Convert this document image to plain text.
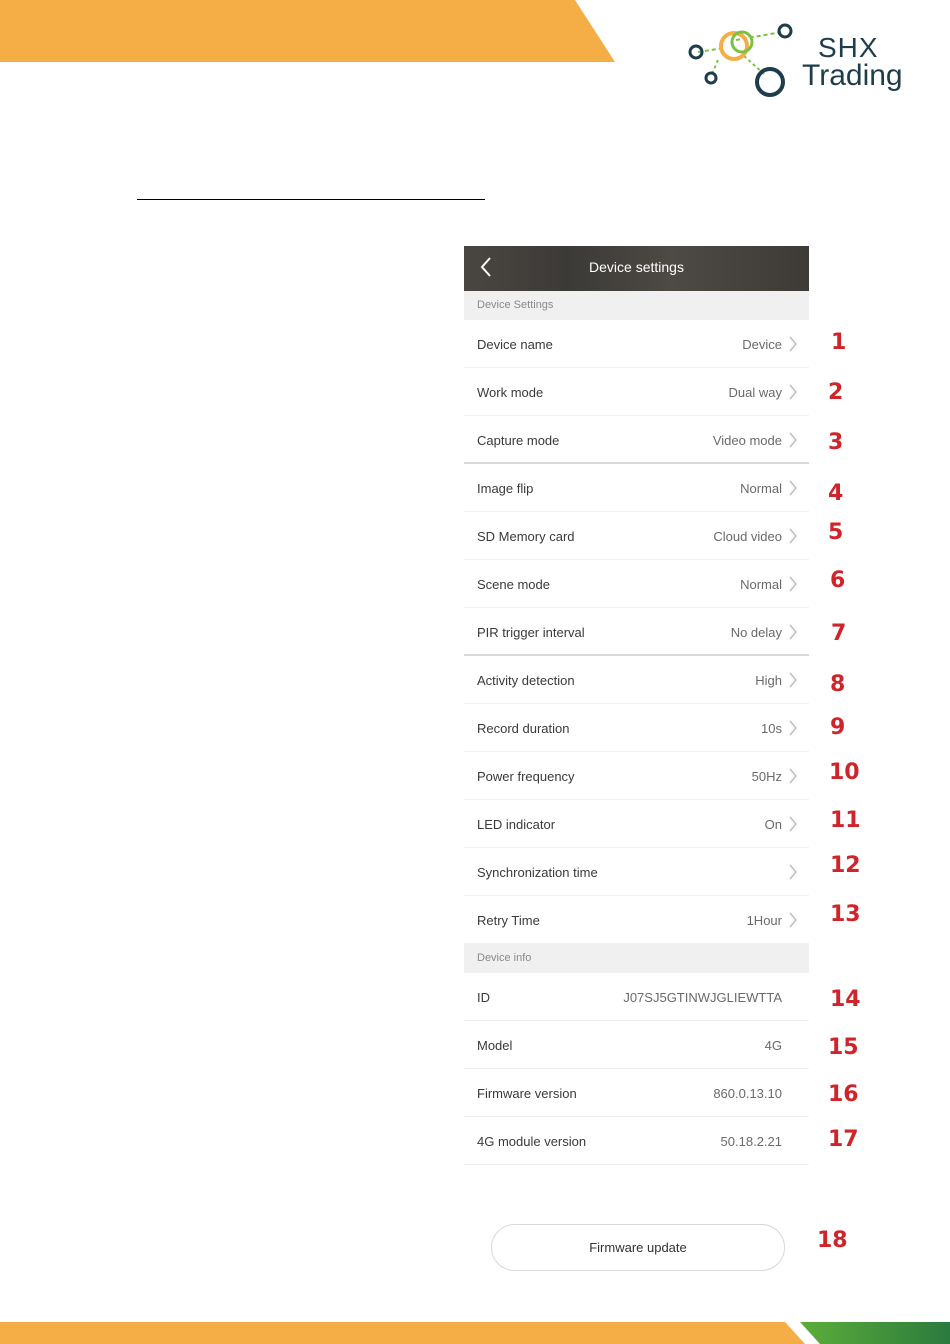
SHX
Trading
Device settings
Device Settings
Device name	Device
Work mode	Dual way
Capture mode	Video mode
Image flip	Normal
SD Memory card	Cloud video
Scene mode	Normal
PIR trigger interval	No delay
Activity detection	High
Record duration	10s
Power frequency	50Hz
LED indicator	On
Synchronization time
Retry Time	1Hour
Device info
ID	J07SJ5GTINWJGLIEWTTA
Model	4G
Firmware version	860.0.13.10
4G module version	50.18.2.21
Firmware update
1
2
3
4
5
6
7
8
9
10
11
12
13
14
15
16
17
18
